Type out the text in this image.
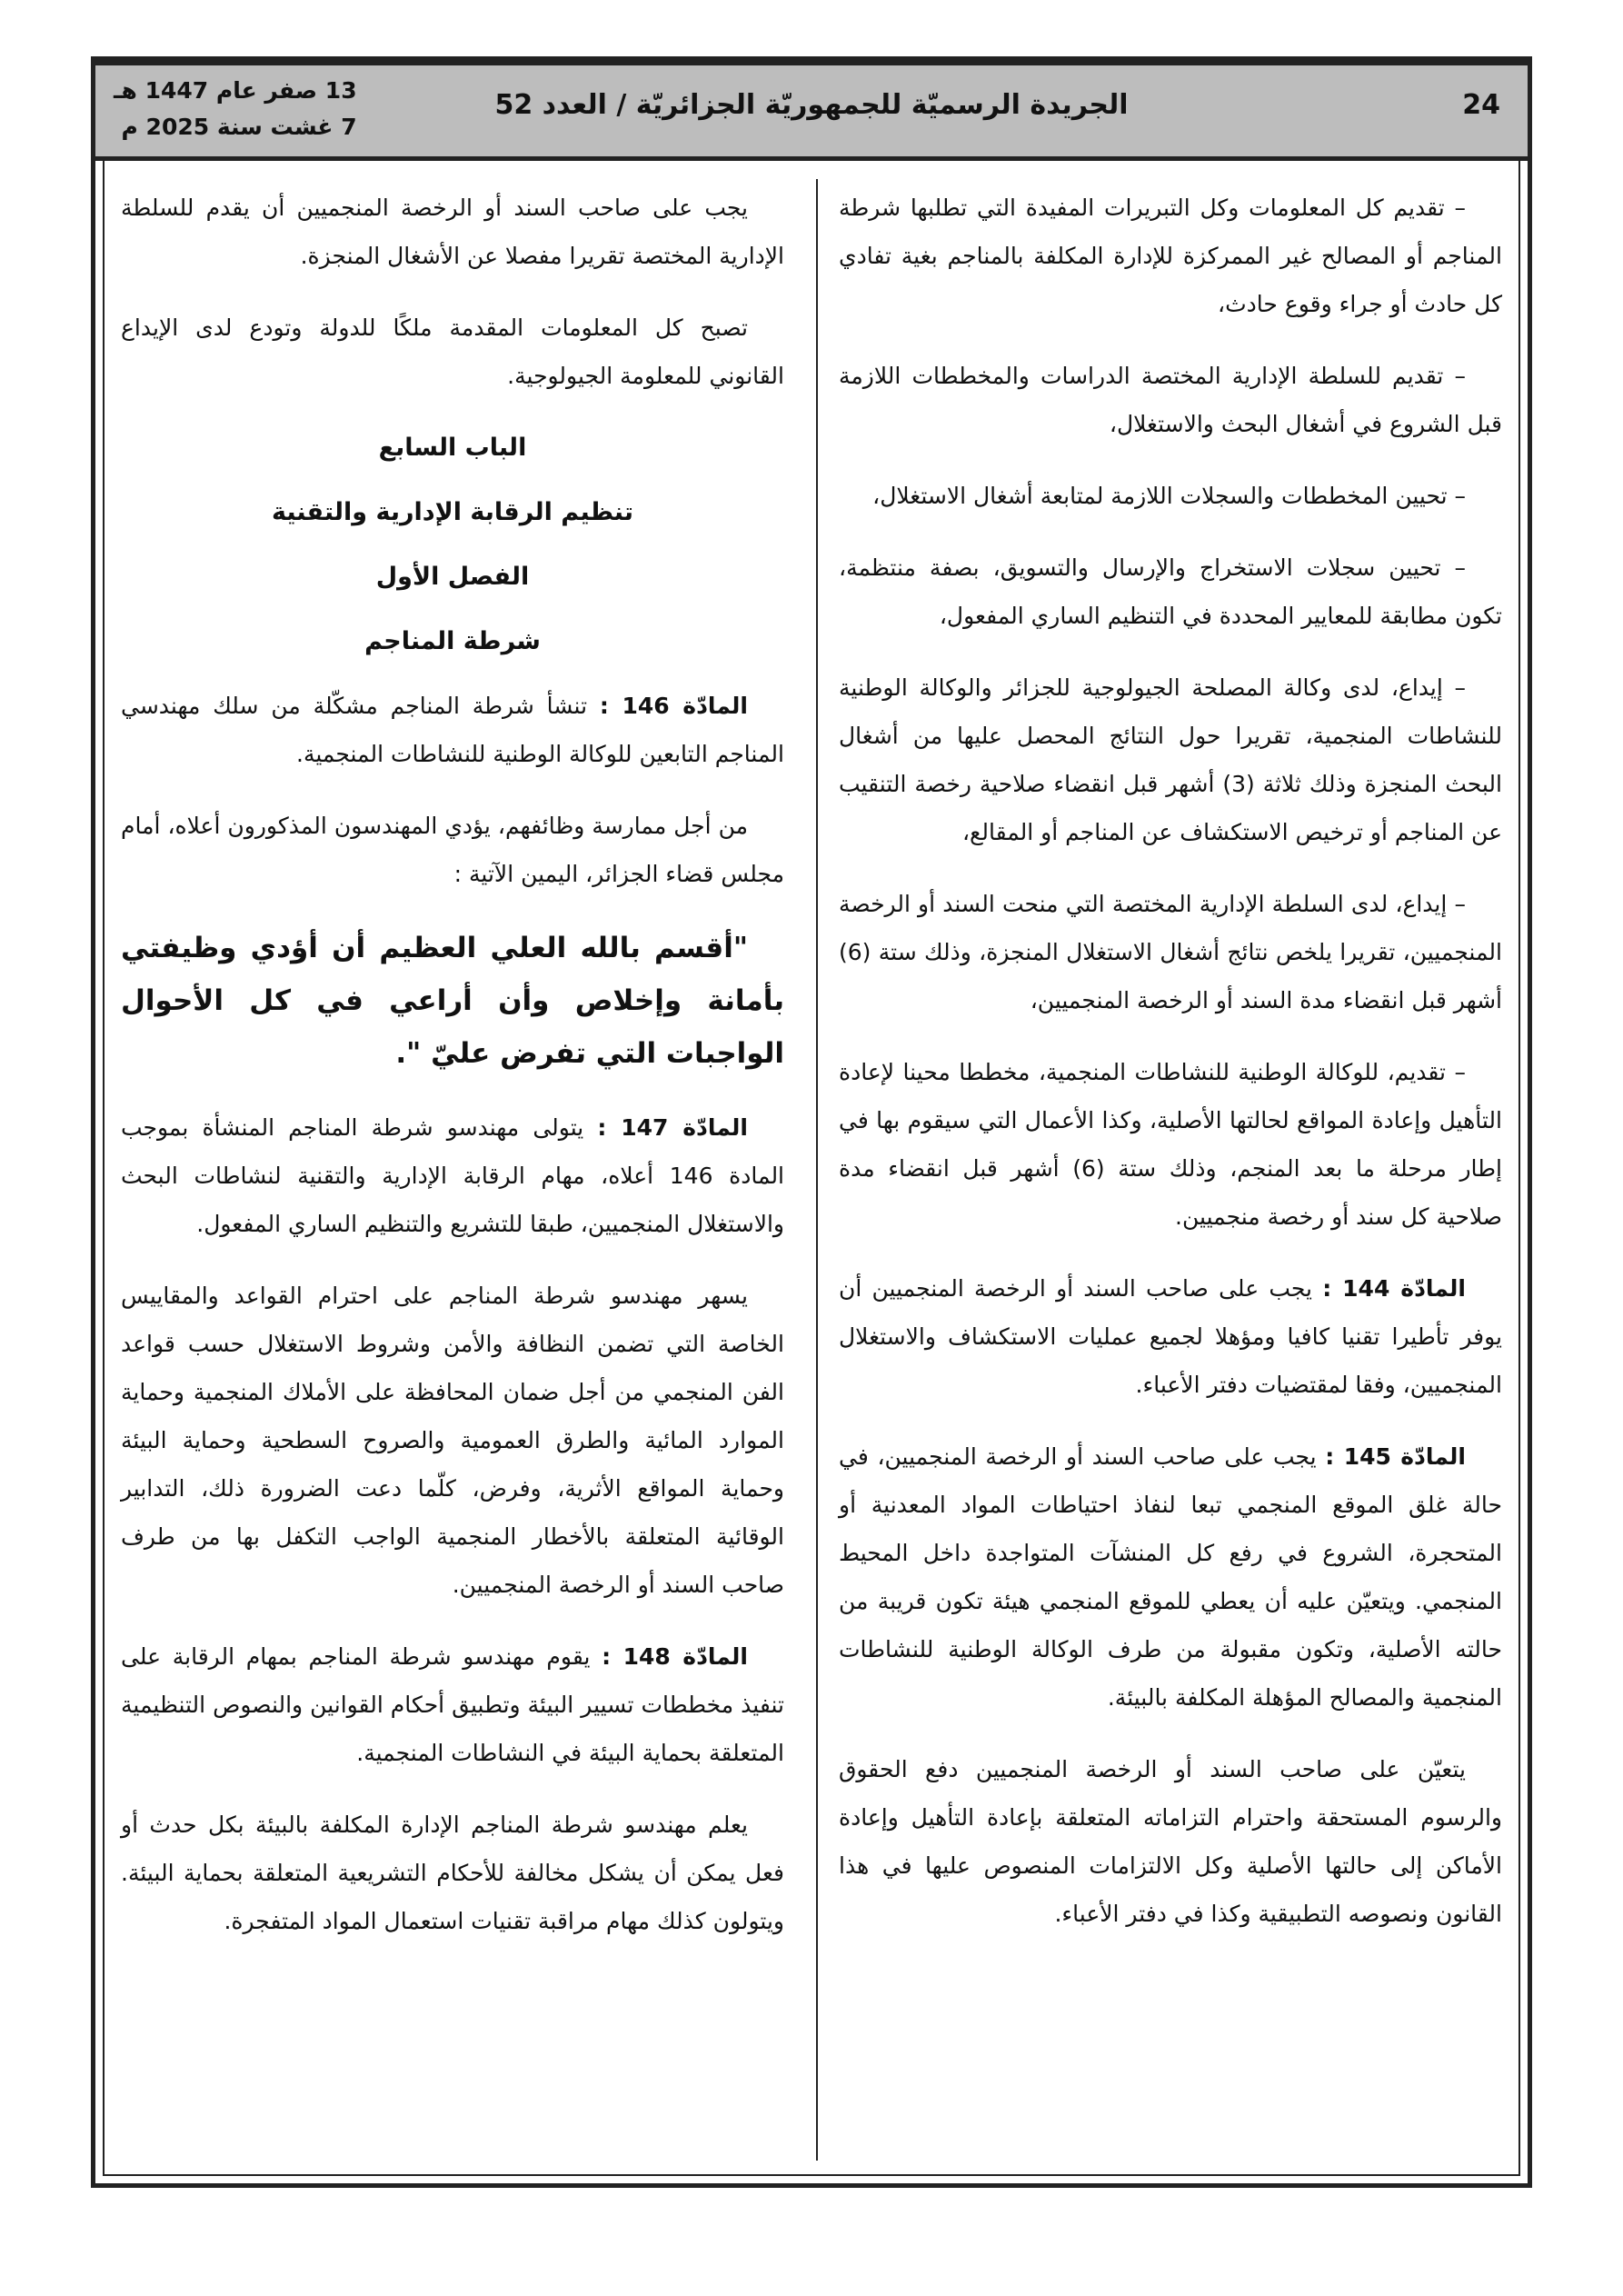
24
الجريدة الرسميّة للجمهوريّة الجزائريّة / العدد 52
13 صفر عام 1447 هـ
7 غشت سنة 2025 م

– تقديم كل المعلومات وكل التبريرات المفيدة التي تطلبها شرطة المناجم أو المصالح غير الممركزة للإدارة المكلفة بالمناجم بغية تفادي كل حادث أو جراء وقوع حادث،

– تقديم للسلطة الإدارية المختصة الدراسات والمخططات اللازمة قبل الشروع في أشغال البحث والاستغلال،

– تحيين المخططات والسجلات اللازمة لمتابعة أشغال الاستغلال،

– تحيين سجلات الاستخراج والإرسال والتسويق، بصفة منتظمة، تكون مطابقة للمعايير المحددة في التنظيم الساري المفعول،

– إيداع، لدى وكالة المصلحة الجيولوجية للجزائر والوكالة الوطنية للنشاطات المنجمية، تقريرا حول النتائج المحصل عليها من أشغال البحث المنجزة وذلك ثلاثة (3) أشهر قبل انقضاء صلاحية رخصة التنقيب عن المناجم أو ترخيص الاستكشاف عن المناجم أو المقالع،

– إيداع، لدى السلطة الإدارية المختصة التي منحت السند أو الرخصة المنجميين، تقريرا يلخص نتائج أشغال الاستغلال المنجزة، وذلك ستة (6) أشهر قبل انقضاء مدة السند أو الرخصة المنجميين،

– تقديم، للوكالة الوطنية للنشاطات المنجمية، مخططا محينا لإعادة التأهيل وإعادة المواقع لحالتها الأصلية، وكذا الأعمال التي سيقوم بها في إطار مرحلة ما بعد المنجم، وذلك ستة (6) أشهر قبل انقضاء مدة صلاحية كل سند أو رخصة منجميين.

المادّة 144 : يجب على صاحب السند أو الرخصة المنجميين أن يوفر تأطيرا تقنيا كافيا ومؤهلا لجميع عمليات الاستكشاف والاستغلال المنجميين، وفقا لمقتضيات دفتر الأعباء.

المادّة 145 : يجب على صاحب السند أو الرخصة المنجميين، في حالة غلق الموقع المنجمي تبعا لنفاذ احتياطات المواد المعدنية أو المتحجرة، الشروع في رفع كل المنشآت المتواجدة داخل المحيط المنجمي. ويتعيّن عليه أن يعطي للموقع المنجمي هيئة تكون قريبة من حالته الأصلية، وتكون مقبولة من طرف الوكالة الوطنية للنشاطات المنجمية والمصالح المؤهلة المكلفة بالبيئة.

يتعيّن على صاحب السند أو الرخصة المنجميين دفع الحقوق والرسوم المستحقة واحترام التزاماته المتعلقة بإعادة التأهيل وإعادة الأماكن إلى حالتها الأصلية وكل الالتزامات المنصوص عليها في هذا القانون ونصوصه التطبيقية وكذا في دفتر الأعباء.

يجب على صاحب السند أو الرخصة المنجميين أن يقدم للسلطة الإدارية المختصة تقريرا مفصلا عن الأشغال المنجزة.

تصبح كل المعلومات المقدمة ملكًا للدولة وتودع لدى الإيداع القانوني للمعلومة الجيولوجية.

الباب السابع

تنظيم الرقابة الإدارية والتقنية

الفصل الأول

شرطة المناجم

المادّة 146 : تنشأ شرطة المناجم مشكّلة من سلك مهندسي المناجم التابعين للوكالة الوطنية للنشاطات المنجمية.

من أجل ممارسة وظائفهم، يؤدي المهندسون المذكورون أعلاه، أمام مجلس قضاء الجزائر، اليمين الآتية :

"أقسم بالله العلي العظيم أن أؤدي وظيفتي بأمانة وإخلاص وأن أراعي في كل الأحوال الواجبات التي تفرض عليّ ".

المادّة 147 : يتولى مهندسو شرطة المناجم المنشأة بموجب المادة 146 أعلاه، مهام الرقابة الإدارية والتقنية لنشاطات البحث والاستغلال المنجميين، طبقا للتشريع والتنظيم الساري المفعول.

يسهر مهندسو شرطة المناجم على احترام القواعد والمقاييس الخاصة التي تضمن النظافة والأمن وشروط الاستغلال حسب قواعد الفن المنجمي من أجل ضمان المحافظة على الأملاك المنجمية وحماية الموارد المائية والطرق العمومية والصروح السطحية وحماية البيئة وحماية المواقع الأثرية، وفرض، كلّما دعت الضرورة ذلك، التدابير الوقائية المتعلقة بالأخطار المنجمية الواجب التكفل بها من طرف صاحب السند أو الرخصة المنجميين.

المادّة 148 : يقوم مهندسو شرطة المناجم بمهام الرقابة على تنفيذ مخططات تسيير البيئة وتطبيق أحكام القوانين والنصوص التنظيمية المتعلقة بحماية البيئة في النشاطات المنجمية.

يعلم مهندسو شرطة المناجم الإدارة المكلفة بالبيئة بكل حدث أو فعل يمكن أن يشكل مخالفة للأحكام التشريعية المتعلقة بحماية البيئة. ويتولون كذلك مهام مراقبة تقنيات استعمال المواد المتفجرة.
